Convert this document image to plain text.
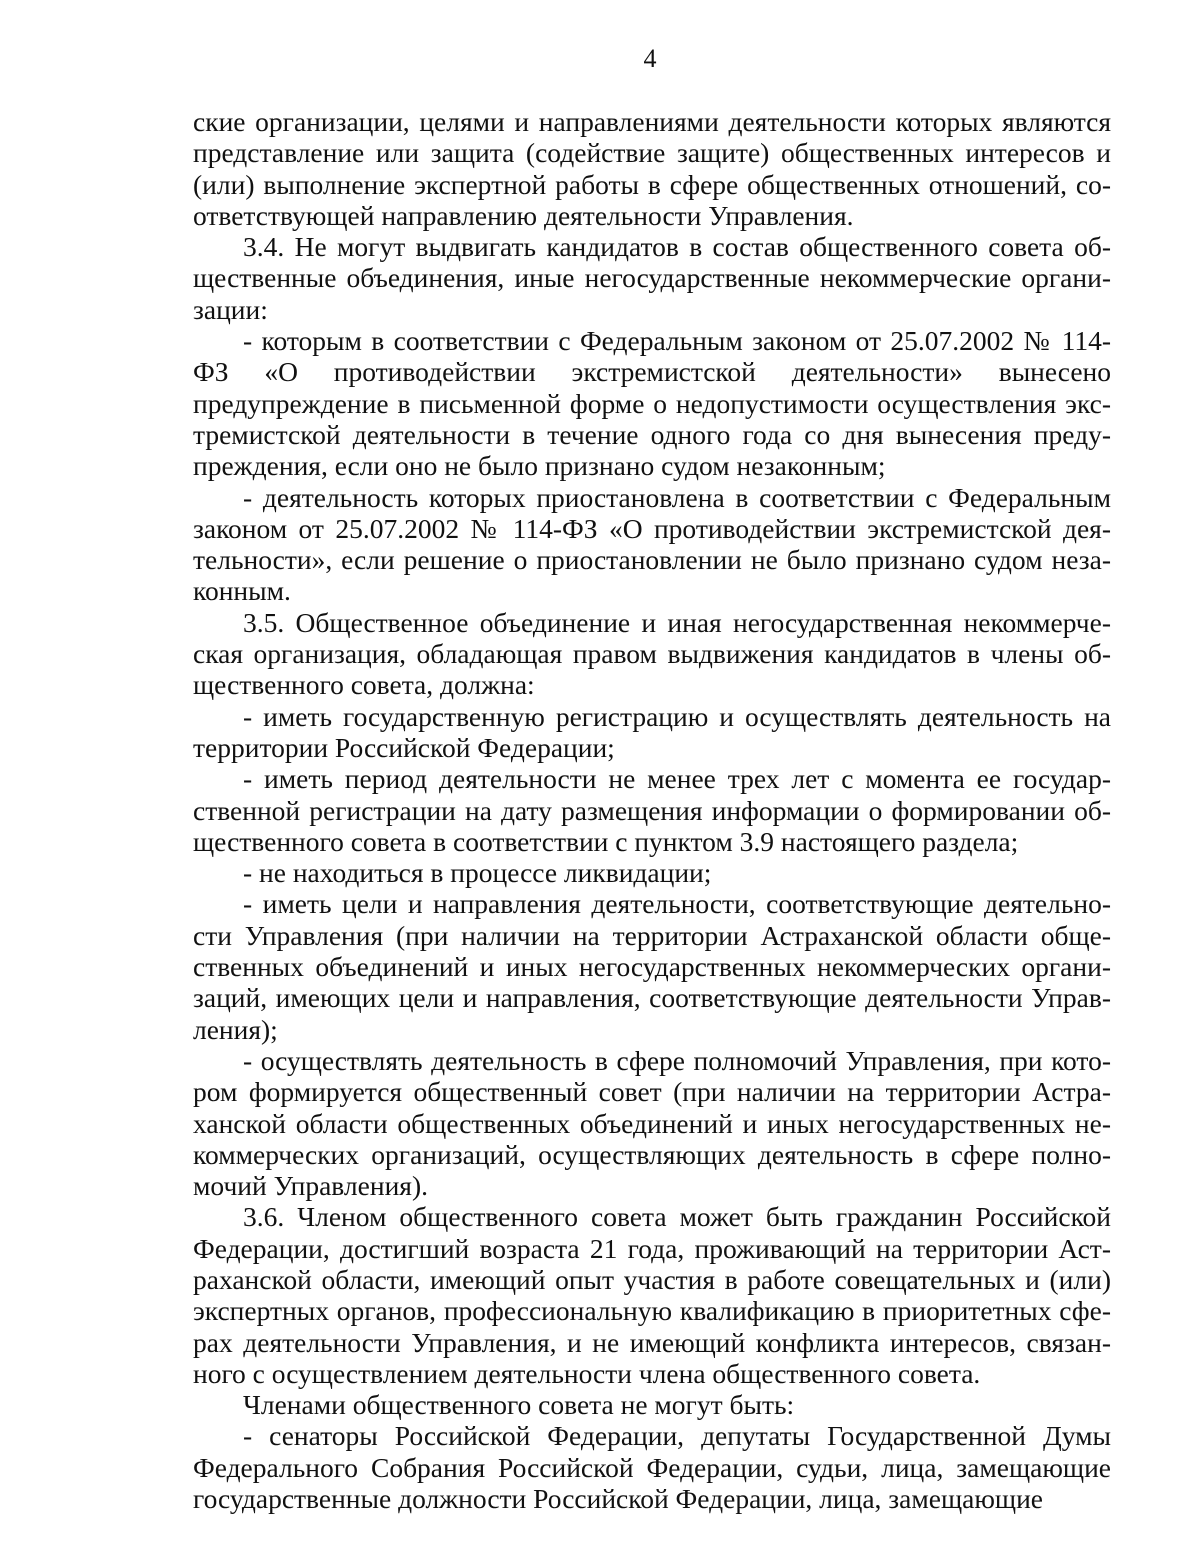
4

ские организации, целями и направлениями деятельности которых являются представление или защита (содействие защите) общественных интересов и (или) выполнение экспертной работы в сфере общественных отношений, соответствующей направлению деятельности Управления.

3.4. Не могут выдвигать кандидатов в состав общественного совета общественные объединения, иные негосударственные некоммерческие организации:

- которым в соответствии с Федеральным законом от 25.07.2002 № 114-ФЗ «О противодействии экстремистской деятельности» вынесено предупреждение в письменной форме о недопустимости осуществления экстремистской деятельности в течение одного года со дня вынесения предупреждения, если оно не было признано судом незаконным;

- деятельность которых приостановлена в соответствии с Федеральным законом от 25.07.2002 № 114-ФЗ «О противодействии экстремистской деятельности», если решение о приостановлении не было признано судом незаконным.

3.5. Общественное объединение и иная негосударственная некоммерческая организация, обладающая правом выдвижения кандидатов в члены общественного совета, должна:

- иметь государственную регистрацию и осуществлять деятельность на территории Российской Федерации;

- иметь период деятельности не менее трех лет с момента ее государственной регистрации на дату размещения информации о формировании общественного совета в соответствии с пунктом 3.9 настоящего раздела;

- не находиться в процессе ликвидации;

- иметь цели и направления деятельности, соответствующие деятельности Управления (при наличии на территории Астраханской области общественных объединений и иных негосударственных некоммерческих организаций, имеющих цели и направления, соответствующие деятельности Управления);

- осуществлять деятельность в сфере полномочий Управления, при котором формируется общественный совет (при наличии на территории Астраханской области общественных объединений и иных негосударственных некоммерческих организаций, осуществляющих деятельность в сфере полномочий Управления).

3.6. Членом общественного совета может быть гражданин Российской Федерации, достигший возраста 21 года, проживающий на территории Астраханской области, имеющий опыт участия в работе совещательных и (или) экспертных органов, профессиональную квалификацию в приоритетных сферах деятельности Управления, и не имеющий конфликта интересов, связанного с осуществлением деятельности члена общественного совета.

Членами общественного совета не могут быть:

- сенаторы Российской Федерации, депутаты Государственной Думы Федерального Собрания Российской Федерации, судьи, лица, замещающие государственные должности Российской Федерации, лица, замещающие
